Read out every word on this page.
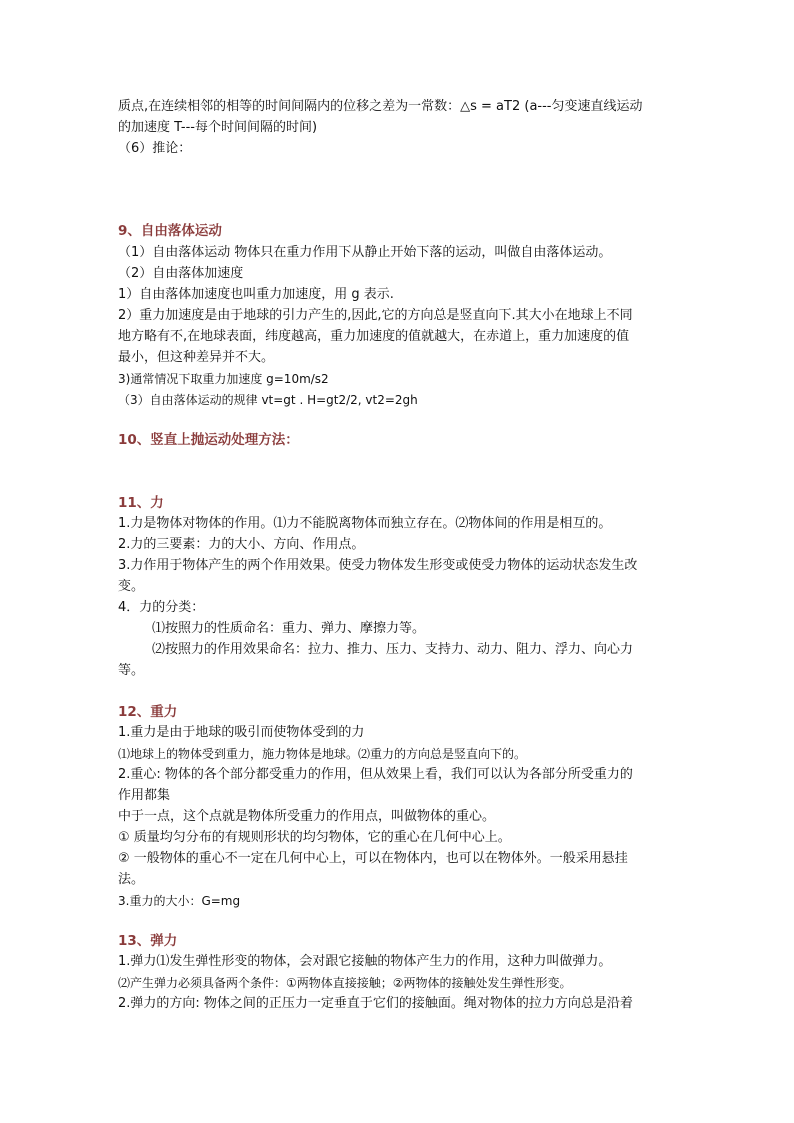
质点,在连续相邻的相等的时间间隔内的位移之差为一常数：△s = aT2 (a---匀变速直线运动
的加速度 T---每个时间间隔的时间)
（6）推论：
9、自由落体运动
（1）自由落体运动 物体只在重力作用下从静止开始下落的运动，叫做自由落体运动。
（2）自由落体加速度
1）自由落体加速度也叫重力加速度，用 g 表示.
2）重力加速度是由于地球的引力产生的,因此,它的方向总是竖直向下.其大小在地球上不同
地方略有不,在地球表面，纬度越高，重力加速度的值就越大，在赤道上，重力加速度的值
最小，但这种差异并不大。
3)通常情况下取重力加速度 g=10m/s2
（3）自由落体运动的规律 vt=gt . H=gt2/2, vt2=2gh
10、竖直上抛运动处理方法：
11、力
1.力是物体对物体的作用。⑴力不能脱离物体而独立存在。⑵物体间的作用是相互的。
2.力的三要素：力的大小、方向、作用点。
3.力作用于物体产生的两个作用效果。使受力物体发生形变或使受力物体的运动状态发生改
变。
4．力的分类：
⑴按照力的性质命名：重力、弹力、摩擦力等。
⑵按照力的作用效果命名：拉力、推力、压力、支持力、动力、阻力、浮力、向心力
等。
12、重力
1.重力是由于地球的吸引而使物体受到的力
⑴地球上的物体受到重力，施力物体是地球。⑵重力的方向总是竖直向下的。
2.重心: 物体的各个部分都受重力的作用，但从效果上看，我们可以认为各部分所受重力的
作用都集
中于一点，这个点就是物体所受重力的作用点，叫做物体的重心。
① 质量均匀分布的有规则形状的均匀物体，它的重心在几何中心上。
② 一般物体的重心不一定在几何中心上，可以在物体内，也可以在物体外。一般采用悬挂
法。
3.重力的大小：G=mg
13、弹力
1.弹力⑴发生弹性形变的物体，会对跟它接触的物体产生力的作用，这种力叫做弹力。
⑵产生弹力必须具备两个条件：①两物体直接接触；②两物体的接触处发生弹性形变。
2.弹力的方向: 物体之间的正压力一定垂直于它们的接触面。绳对物体的拉力方向总是沿着
